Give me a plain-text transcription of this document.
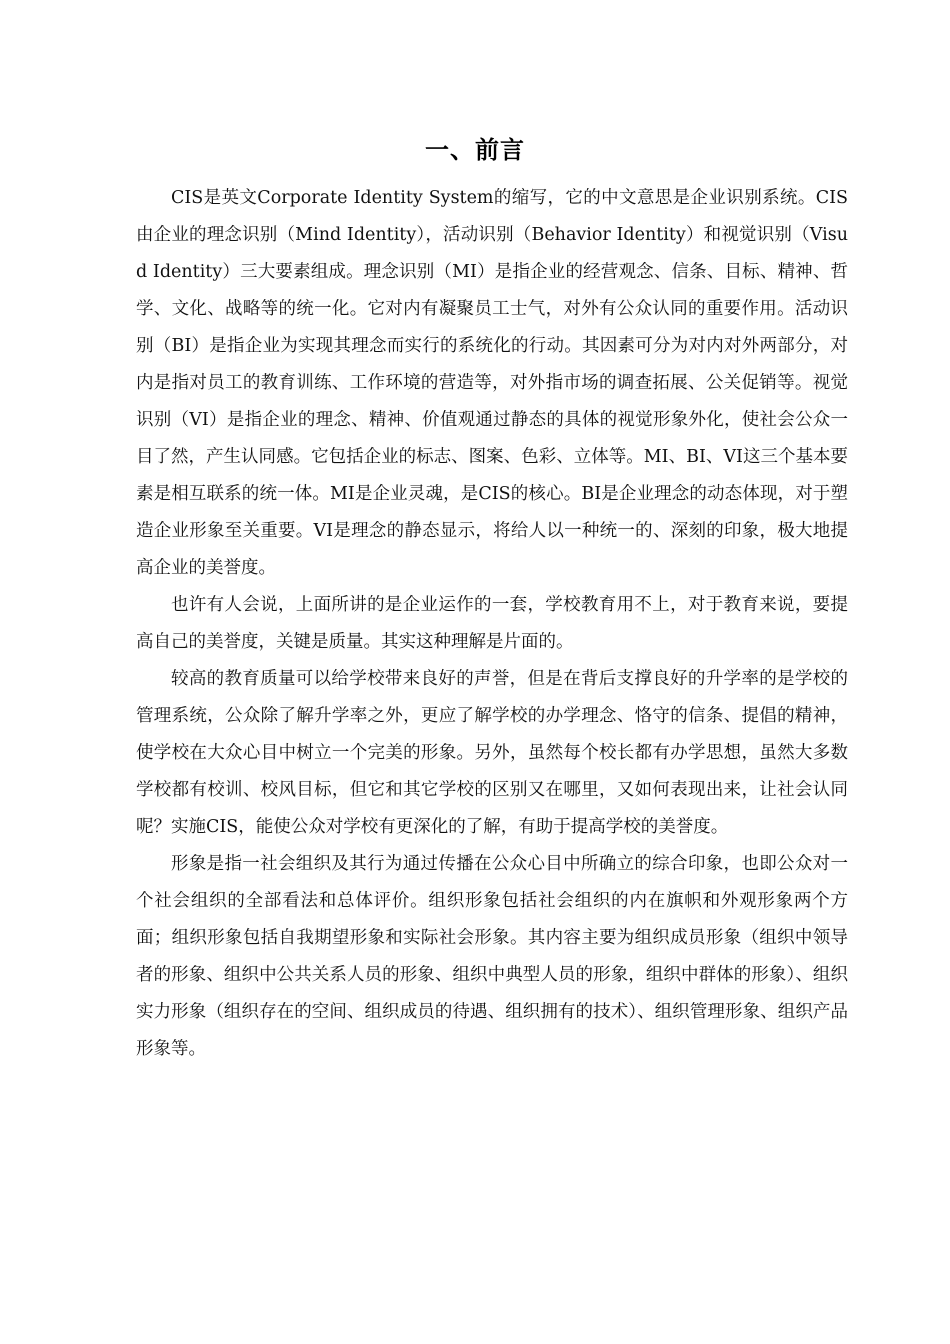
一、前言

CIS是英文Corporate Identity System的缩写，它的中文意思是企业识别系统。CIS由企业的理念识别（Mind Identity），活动识别（Behavior Identity）和视觉识别（Visud Identity）三大要素组成。理念识别（MI）是指企业的经营观念、信条、目标、精神、哲学、文化、战略等的统一化。它对内有凝聚员工士气，对外有公众认同的重要作用。活动识别（BI）是指企业为实现其理念而实行的系统化的行动。其因素可分为对内对外两部分，对内是指对员工的教育训练、工作环境的营造等，对外指市场的调查拓展、公关促销等。视觉识别（VI）是指企业的理念、精神、价值观通过静态的具体的视觉形象外化，使社会公众一目了然，产生认同感。它包括企业的标志、图案、色彩、立体等。MI、BI、VI这三个基本要素是相互联系的统一体。MI是企业灵魂，是CIS的核心。BI是企业理念的动态体现，对于塑造企业形象至关重要。VI是理念的静态显示，将给人以一种统一的、深刻的印象，极大地提高企业的美誉度。

也许有人会说，上面所讲的是企业运作的一套，学校教育用不上，对于教育来说，要提高自己的美誉度，关键是质量。其实这种理解是片面的。

较高的教育质量可以给学校带来良好的声誉，但是在背后支撑良好的升学率的是学校的管理系统，公众除了解升学率之外，更应了解学校的办学理念、恪守的信条、提倡的精神，使学校在大众心目中树立一个完美的形象。另外，虽然每个校长都有办学思想，虽然大多数学校都有校训、校风目标，但它和其它学校的区别又在哪里，又如何表现出来，让社会认同呢？实施CIS，能使公众对学校有更深化的了解，有助于提高学校的美誉度。

形象是指一社会组织及其行为通过传播在公众心目中所确立的综合印象，也即公众对一个社会组织的全部看法和总体评价。组织形象包括社会组织的内在旗帜和外观形象两个方面；组织形象包括自我期望形象和实际社会形象。其内容主要为组织成员形象（组织中领导者的形象、组织中公共关系人员的形象、组织中典型人员的形象，组织中群体的形象）、组织实力形象（组织存在的空间、组织成员的待遇、组织拥有的技术）、组织管理形象、组织产品形象等。
